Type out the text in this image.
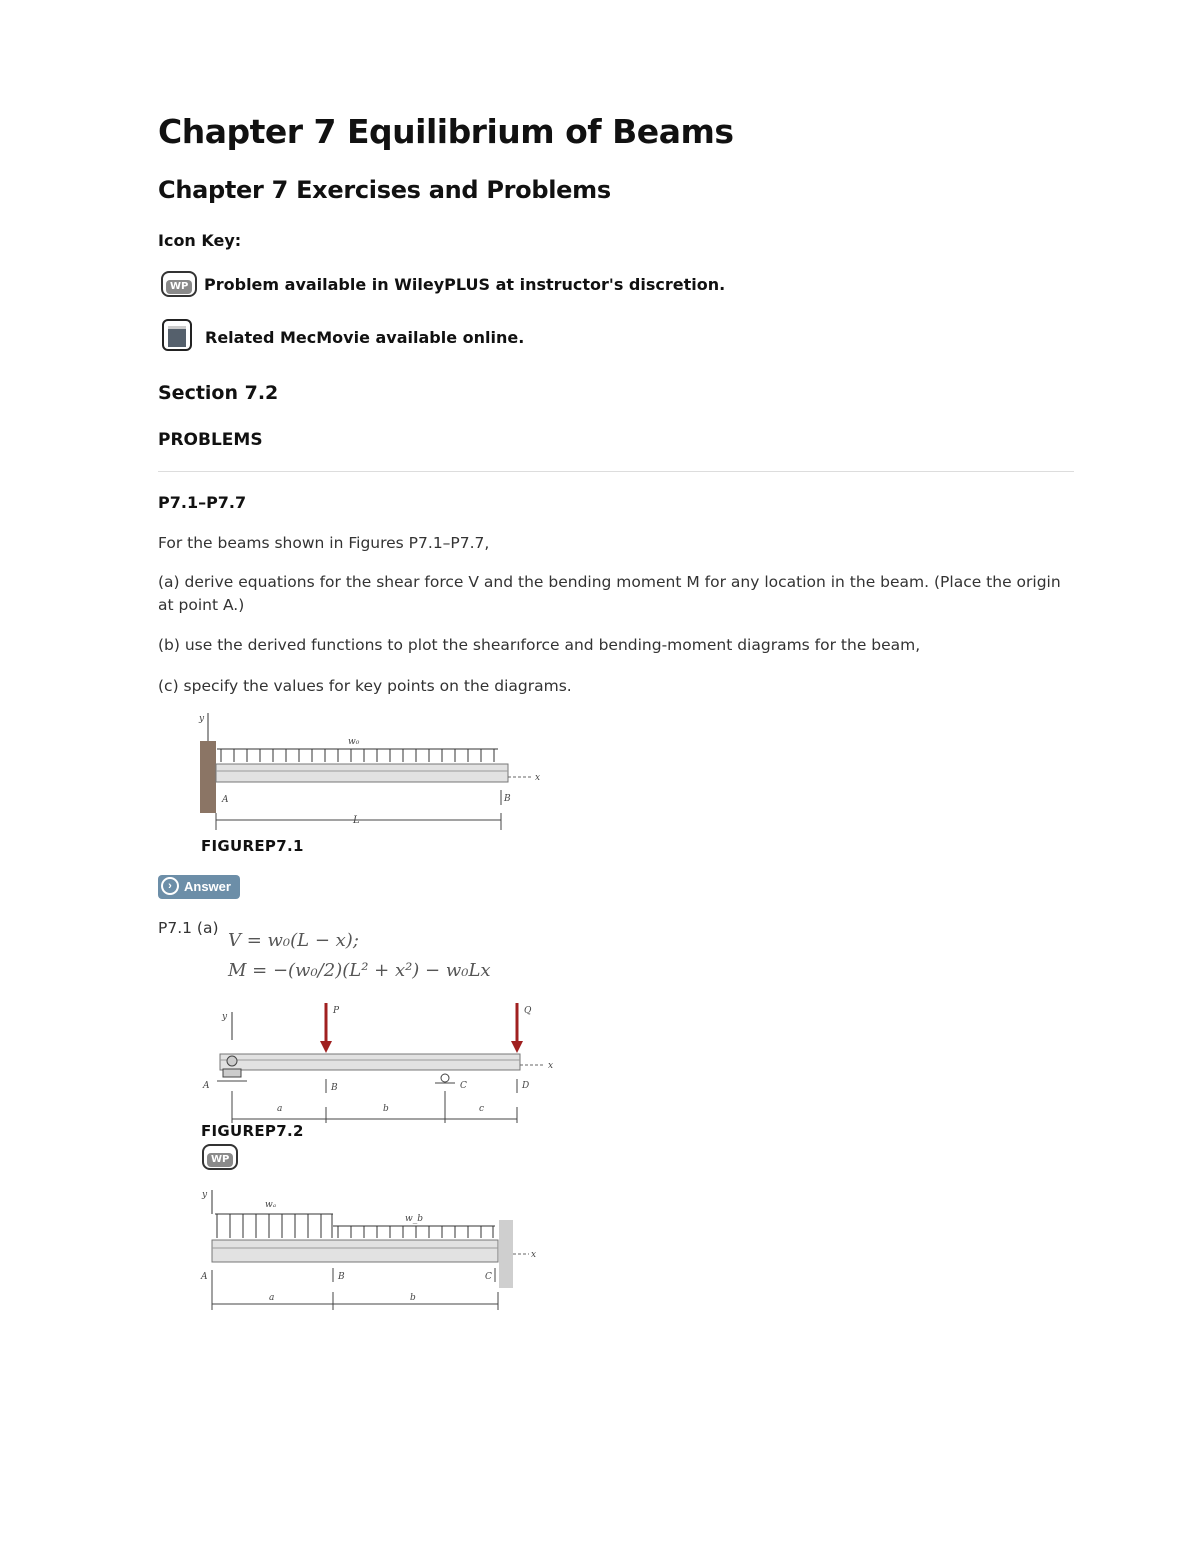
Chapter 7 Equilibrium of Beams
Chapter 7 Exercises and Problems
Icon Key:
WP Problem available in WileyPLUS at instructor's discretion.
Related MecMovie available online.
Section 7.2
PROBLEMS
P7.1–P7.7
For the beams shown in Figures P7.1–P7.7,
(a) derive equations for the shear force V and the bending moment M for any location in the beam. (Place the origin
at point A.)
(b) use the derived functions to plot the shearıforce and bending-moment diagrams for the beam,
(c) specify the values for key points on the diagrams.
y
w₀
x
A	B
L
FIGUREP7.1
› Answer
P7.1 (a)
V = w₀(L − x);
M = −(w₀/2)(L² + x²) − w₀Lx
y
x
A
P	Q
B	C	D
a	b	c
FIGUREP7.2
WP
y
wₐ
w_b
x
A	B	C
a	b
